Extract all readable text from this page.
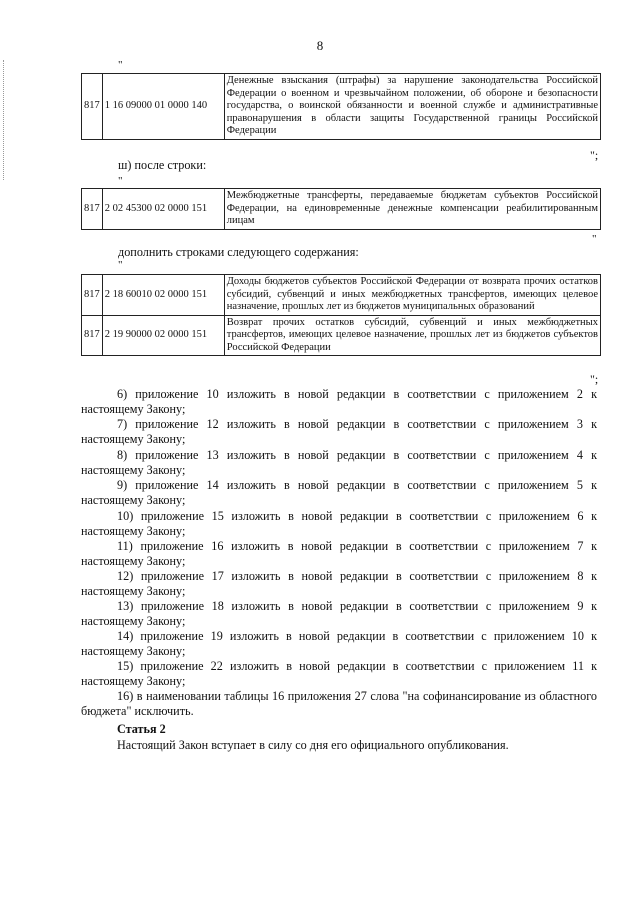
8
"
817	1 16 09000 01 0000 140	Денежные взыскания (штрафы) за нарушение законодательства Российской Федерации о военном и чрезвычайном положении, об обороне и безопасности государства, о воинской обязанности и военной службе и административные правонарушения в области защиты Государственной границы Российской Федерации
";
ш) после строки:
"
817	2 02 45300 02 0000 151	Межбюджетные трансферты, передаваемые бюджетам субъектов Российской Федерации, на единовременные денежные компенсации реабилитированным лицам
"
дополнить строками следующего содержания:
"
817	2 18 60010 02 0000 151	Доходы бюджетов субъектов Российской Федерации от возврата прочих остатков субсидий, субвенций и иных межбюджетных трансфертов, имеющих целевое назначение, прошлых лет из бюджетов муниципальных образований
817	2 19 90000 02 0000 151	Возврат прочих остатков субсидий, субвенций и иных межбюджетных трансфертов, имеющих целевое назначение, прошлых лет из бюджетов субъектов Российской Федерации
";
6) приложение 10 изложить в новой редакции в соответствии с приложением 2 к настоящему Закону;
7) приложение 12 изложить в новой редакции в соответствии с приложением 3 к настоящему Закону;
8) приложение 13 изложить в новой редакции в соответствии с приложением 4 к настоящему Закону;
9) приложение 14 изложить в новой редакции в соответствии с приложением 5 к настоящему Закону;
10) приложение 15 изложить в новой редакции в соответствии с приложением 6 к настоящему Закону;
11) приложение 16 изложить в новой редакции в соответствии с приложением 7 к настоящему Закону;
12) приложение 17 изложить в новой редакции в соответствии с приложением 8 к настоящему Закону;
13) приложение 18 изложить в новой редакции в соответствии с приложением 9 к настоящему Закону;
14) приложение 19 изложить в новой редакции в соответствии с приложением 10 к настоящему Закону;
15) приложение 22 изложить в новой редакции в соответствии с приложением 11 к настоящему Закону;
16) в наименовании таблицы 16 приложения 27 слова "на софинансирование из областного бюджета" исключить.
Статья 2
Настоящий Закон вступает в силу со дня его официального опубликования.
